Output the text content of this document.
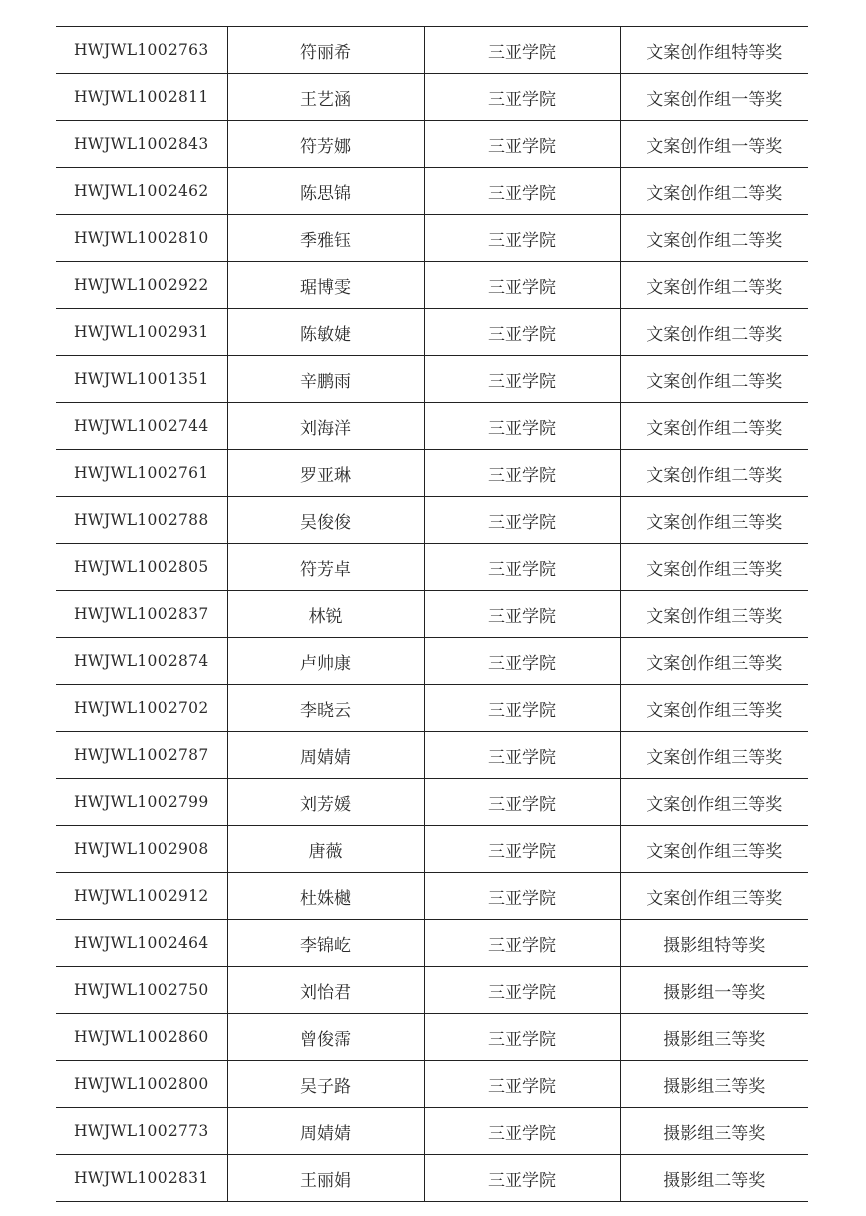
HWJWL1002763	符丽希	三亚学院	文案创作组特等奖
HWJWL1002811	王艺涵	三亚学院	文案创作组一等奖
HWJWL1002843	符芳娜	三亚学院	文案创作组一等奖
HWJWL1002462	陈思锦	三亚学院	文案创作组二等奖
HWJWL1002810	季雅钰	三亚学院	文案创作组二等奖
HWJWL1002922	琚博雯	三亚学院	文案创作组二等奖
HWJWL1002931	陈敏婕	三亚学院	文案创作组二等奖
HWJWL1001351	辛鹏雨	三亚学院	文案创作组二等奖
HWJWL1002744	刘海洋	三亚学院	文案创作组二等奖
HWJWL1002761	罗亚琳	三亚学院	文案创作组二等奖
HWJWL1002788	吴俊俊	三亚学院	文案创作组三等奖
HWJWL1002805	符芳卓	三亚学院	文案创作组三等奖
HWJWL1002837	林锐	三亚学院	文案创作组三等奖
HWJWL1002874	卢帅康	三亚学院	文案创作组三等奖
HWJWL1002702	李晓云	三亚学院	文案创作组三等奖
HWJWL1002787	周婧婧	三亚学院	文案创作组三等奖
HWJWL1002799	刘芳媛	三亚学院	文案创作组三等奖
HWJWL1002908	唐薇	三亚学院	文案创作组三等奖
HWJWL1002912	杜姝樾	三亚学院	文案创作组三等奖
HWJWL1002464	李锦屹	三亚学院	摄影组特等奖
HWJWL1002750	刘怡君	三亚学院	摄影组一等奖
HWJWL1002860	曾俊霈	三亚学院	摄影组三等奖
HWJWL1002800	吴子路	三亚学院	摄影组三等奖
HWJWL1002773	周婧婧	三亚学院	摄影组三等奖
HWJWL1002831	王丽娟	三亚学院	摄影组二等奖
